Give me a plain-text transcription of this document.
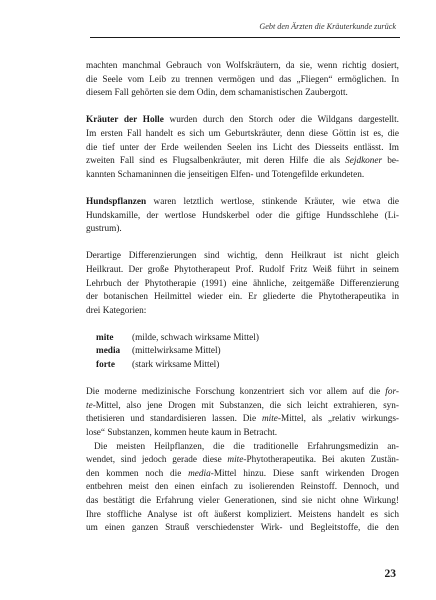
Gebt den Ärzten die Kräuterkunde zurück

machten manchmal Gebrauch von Wolfskräutern, da sie, wenn richtig dosiert,

die Seele vom Leib zu trennen vermögen und das „Fliegen“ ermöglichen. In

diesem Fall gehörten sie dem Odin, dem schamanistischen Zaubergott.

Kräuter der Holle wurden durch den Storch oder die Wildgans dargestellt.

Im ersten Fall handelt es sich um Geburtskräuter, denn diese Göttin ist es, die

die tief unter der Erde weilenden Seelen ins Licht des Diesseits entlässt. Im

zweiten Fall sind es Flugsalbenkräuter, mit deren Hilfe die als Sejdkoner be-

kannten Schamaninnen die jenseitigen Elfen- und Totengefilde erkundeten.

Hundspflanzen waren letztlich wertlose, stinkende Kräuter, wie etwa die

Hundskamille, der wertlose Hundskerbel oder die giftige Hundsschlehe (Li-

gustrum).

Derartige Differenzierungen sind wichtig, denn Heilkraut ist nicht gleich

Heilkraut. Der große Phytotherapeut Prof. Rudolf Fritz Weiß führt in seinem

Lehrbuch der Phytotherapie (1991) eine ähnliche, zeitgemäße Differenzierung

der botanischen Heilmittel wieder ein. Er gliederte die Phytotherapeutika in

drei Kategorien:

mite	(milde, schwach wirksame Mittel)
media	(mittelwirksame Mittel)
forte	(stark wirksame Mittel)

Die moderne medizinische Forschung konzentriert sich vor allem auf die for-

te-Mittel, also jene Drogen mit Substanzen, die sich leicht extrahieren, syn-

thetisieren und standardisieren lassen. Die mite-Mittel, als „relativ wirkungs-

lose“ Substanzen, kommen heute kaum in Betracht.

Die meisten Heilpflanzen, die die traditionelle Erfahrungsmedizin an-

wendet, sind jedoch gerade diese mite-Phytotherapeutika. Bei akuten Zustän-

den kommen noch die media-Mittel hinzu. Diese sanft wirkenden Drogen

entbehren meist den einen einfach zu isolierenden Reinstoff. Dennoch, und

das bestätigt die Erfahrung vieler Generationen, sind sie nicht ohne Wirkung!

Ihre stoffliche Analyse ist oft äußerst kompliziert. Meistens handelt es sich

um einen ganzen Strauß verschiedenster Wirk- und Begleitstoffe, die den

23
